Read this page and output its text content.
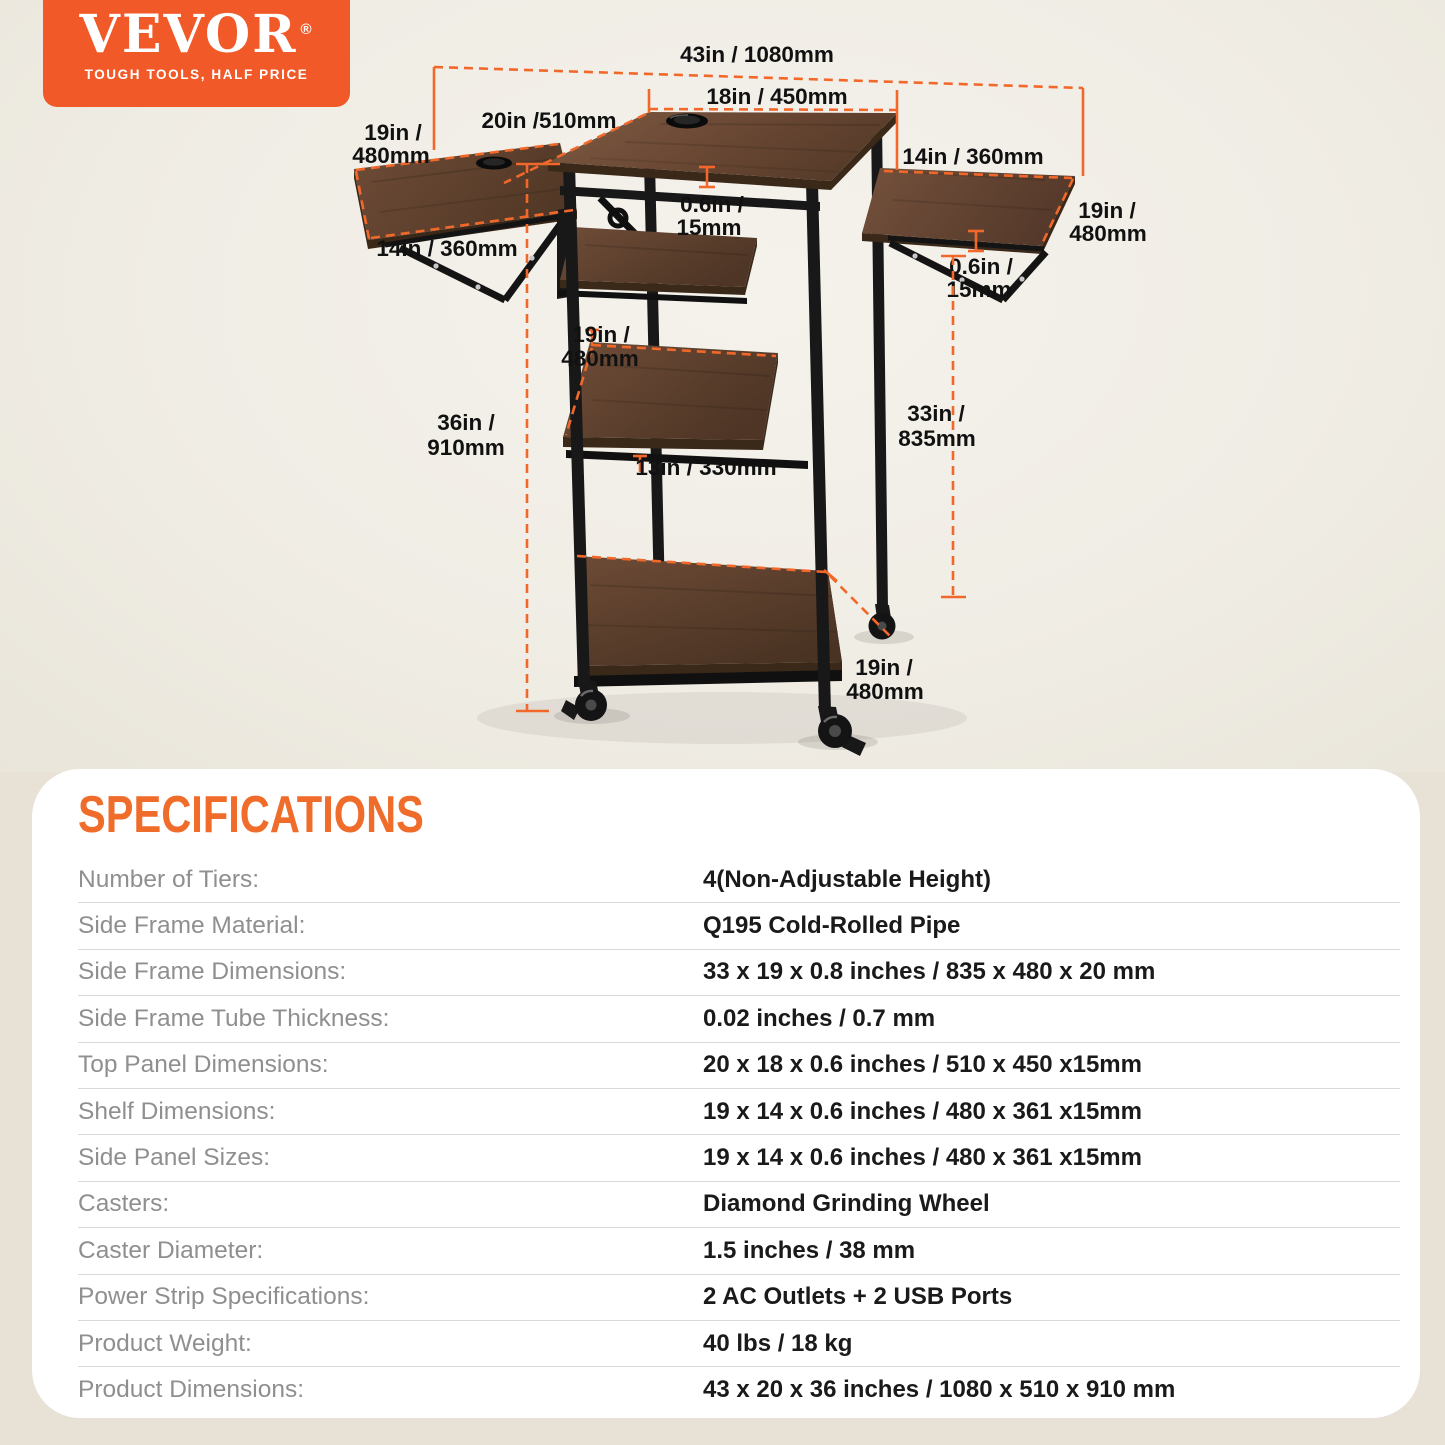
43in / 1080mm
18in / 450mm
20in /510mm
19in /
480mm
14in / 360mm
14in / 360mm
19in /
480mm
0.6in /
15mm
0.6in /
15mm
19in /
480mm
36in /
910mm
33in /
835mm
13in / 330mm
19in /
480mm
VEVOR ®
TOUGH TOOLS, HALF PRICE
SPECIFICATIONS
Number of Tiers:	4(Non-Adjustable Height)
Side Frame Material:	Q195 Cold-Rolled Pipe
Side Frame Dimensions:	33 x 19 x 0.8 inches / 835 x 480 x 20 mm
Side Frame Tube Thickness:	0.02 inches / 0.7 mm
Top Panel Dimensions:	20 x 18 x 0.6 inches / 510 x 450 x15mm
Shelf Dimensions:	19 x 14 x 0.6 inches / 480 x 361 x15mm
Side Panel Sizes:	19 x 14 x 0.6 inches / 480 x 361 x15mm
Casters:	Diamond Grinding Wheel
Caster Diameter:	1.5 inches / 38 mm
Power Strip Specifications:	2 AC Outlets + 2 USB Ports
Product Weight:	40 lbs / 18 kg
Product Dimensions:	43 x 20 x 36 inches / 1080 x 510 x 910 mm
